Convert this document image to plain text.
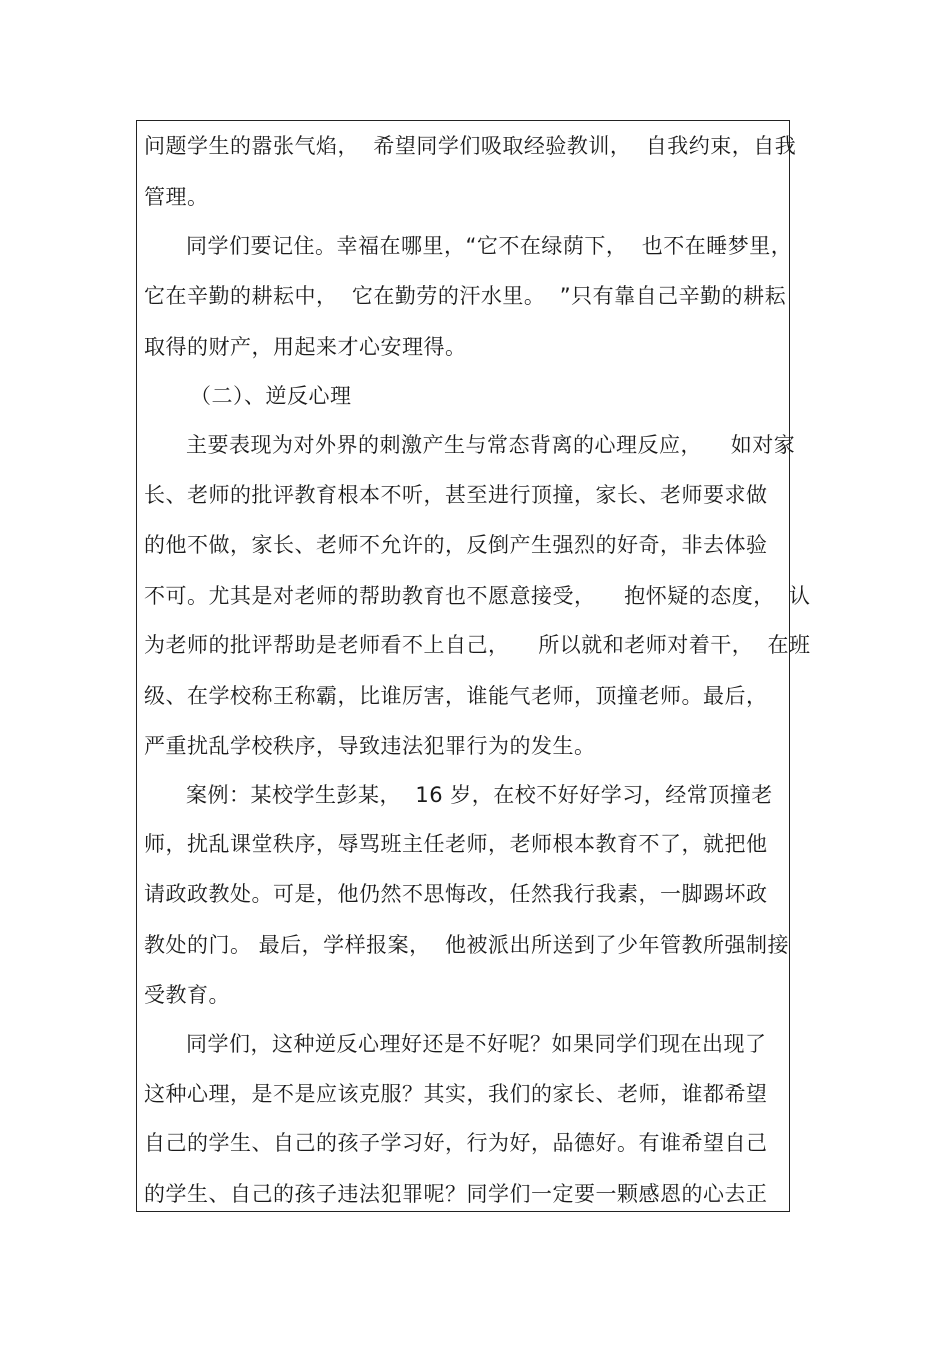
问题学生的嚣张气焰，  希望同学们吸取经验教训，  自我约束，自我
管理。
同学们要记住。幸福在哪里，“它不在绿荫下，  也不在睡梦里，
它在辛勤的耕耘中，  它在勤劳的汗水里。  ”只有靠自己辛勤的耕耘
取得的财产，用起来才心安理得。
（二）、逆反心理
主要表现为对外界的刺激产生与常态背离的心理反应，    如对家
长、老师的批评教育根本不听，甚至进行顶撞，家长、老师要求做
的他不做，家长、老师不允许的，反倒产生强烈的好奇，非去体验
不可。尤其是对老师的帮助教育也不愿意接受，    抱怀疑的态度，  认
为老师的批评帮助是老师看不上自己，    所以就和老师对着干，  在班
级、在学校称王称霸，比谁厉害，谁能气老师，顶撞老师。最后，
严重扰乱学校秩序，导致违法犯罪行为的发生。
案例：某校学生彭某，  16 岁，在校不好好学习，经常顶撞老
师，扰乱课堂秩序，辱骂班主任老师，老师根本教育不了，就把他
请政政教处。可是，他仍然不思悔改，任然我行我素，一脚踢坏政
教处的门。 最后，学样报案，  他被派出所送到了少年管教所强制接
受教育。
同学们，这种逆反心理好还是不好呢？如果同学们现在出现了
这种心理，是不是应该克服？其实，我们的家长、老师，谁都希望
自己的学生、自己的孩子学习好，行为好，品德好。有谁希望自己
的学生、自己的孩子违法犯罪呢？同学们一定要一颗感恩的心去正
